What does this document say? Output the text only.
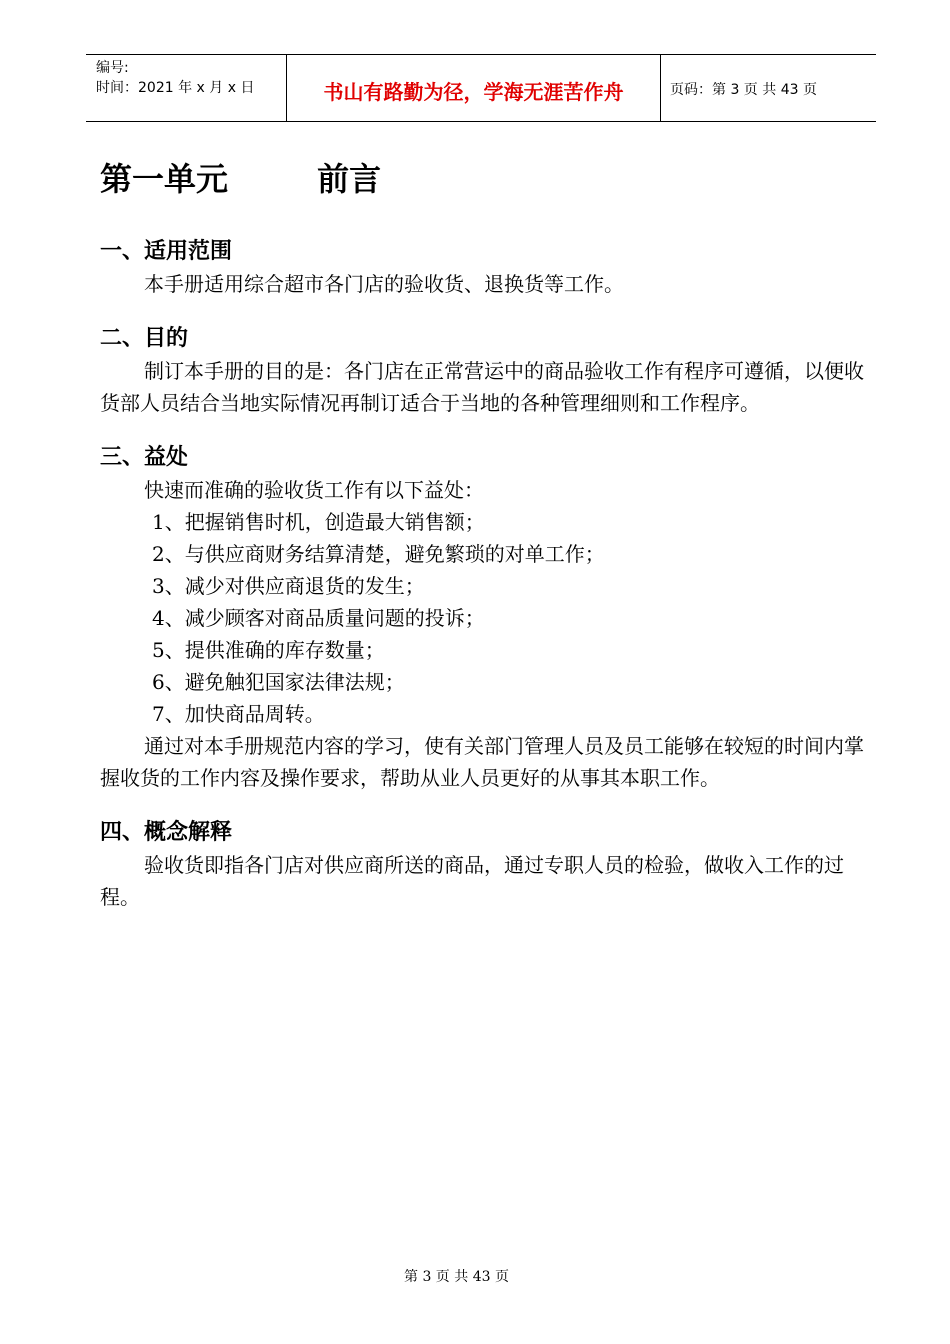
编号:
时间：2021 年 x 月 x 日	书山有路勤为径，学海无涯苦作舟	页码：第 3 页 共 43 页
第一单元        前言
一、适用范围

本手册适用综合超市各门店的验收货、退换货等工作。

二、目的

制订本手册的目的是：各门店在正常营运中的商品验收工作有程序可遵循，以便收货部人员结合当地实际情况再制订适合于当地的各种管理细则和工作程序。

三、益处

快速而准确的验收货工作有以下益处：

1、把握销售时机，创造最大销售额；

2、与供应商财务结算清楚，避免繁琐的对单工作；

3、减少对供应商退货的发生；

4、减少顾客对商品质量问题的投诉；

5、提供准确的库存数量；

6、避免触犯国家法律法规；

7、加快商品周转。

通过对本手册规范内容的学习，使有关部门管理人员及员工能够在较短的时间内掌握收货的工作内容及操作要求，帮助从业人员更好的从事其本职工作。

四、概念解释

验收货即指各门店对供应商所送的商品，通过专职人员的检验，做收入工作的过程。

第 3 页 共 43 页
